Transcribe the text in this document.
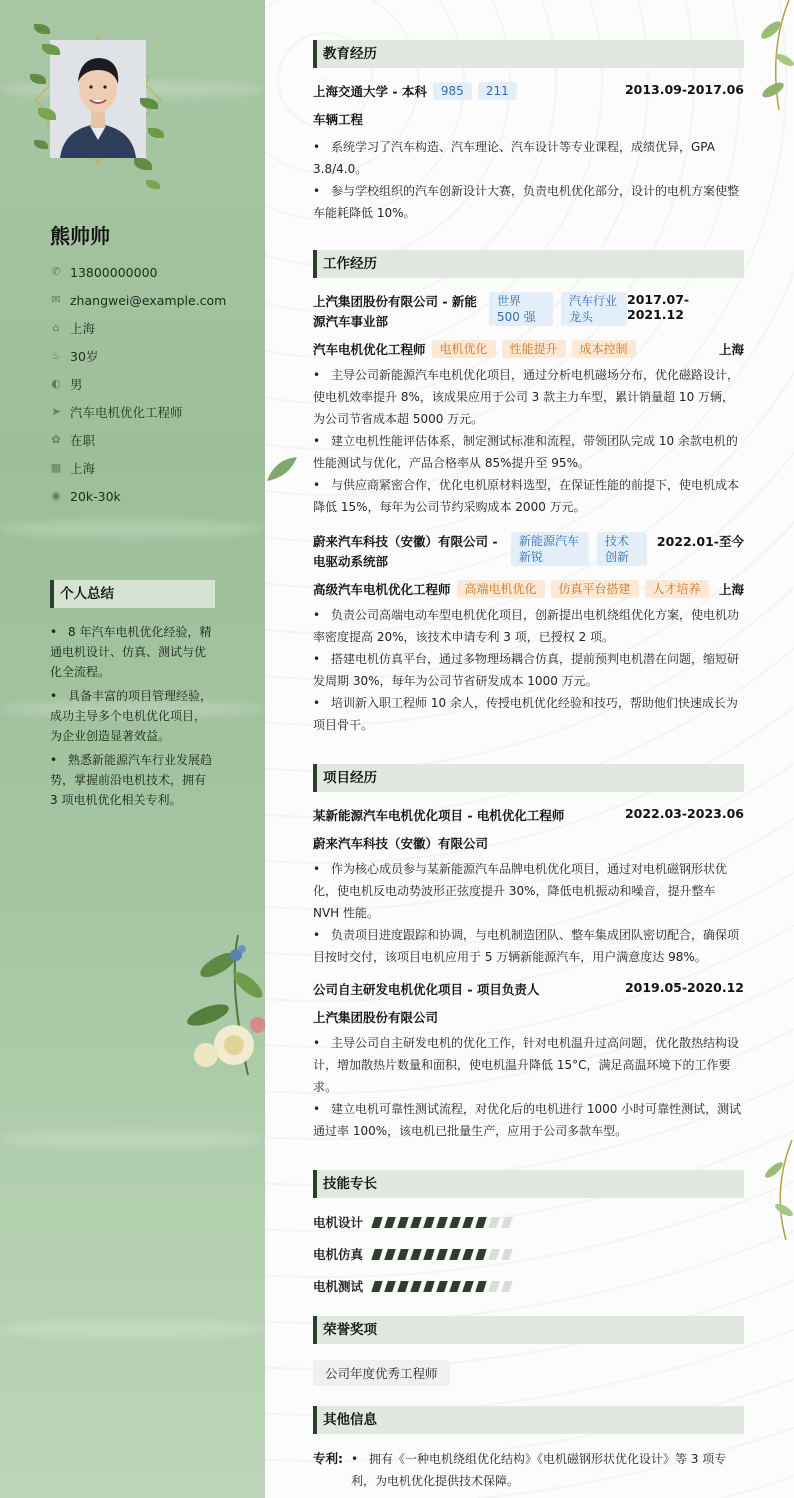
熊帅帅
✆ 13800000000
✉ zhangwei@example.com
⌂ 上海
♨ 30岁
◐ 男
➤ 汽车电机优化工程师
✿ 在职
▦ 上海
◉ 20k-30k
个人总结
• 8 年汽车电机优化经验，精通电机设计、仿真、测试与优化全流程。
• 具备丰富的项目管理经验，成功主导多个电机优化项目，为企业创造显著效益。
• 熟悉新能源汽车行业发展趋势，掌握前沿电机技术，拥有 3 项电机优化相关专利。
教育经历
上海交通大学 - 本科 985 211	2013.09-2017.06
车辆工程
• 系统学习了汽车构造、汽车理论、汽车设计等专业课程，成绩优异，GPA 3.8/4.0。
• 参与学校组织的汽车创新设计大赛，负责电机优化部分，设计的电机方案使整车能耗降低 10%。
工作经历
上汽集团股份有限公司 - 新能源汽车事业部
世界 500 强
汽车行业龙头
2017.07-2021.12
汽车电机优化工程师 电机优化 性能提升 成本控制	上海
• 主导公司新能源汽车电机优化项目，通过分析电机磁场分布，优化磁路设计，使电机效率提升 8%，该成果应用于公司 3 款主力车型，累计销量超 10 万辆，为公司节省成本超 5000 万元。
• 建立电机性能评估体系，制定测试标准和流程，带领团队完成 10 余款电机的性能测试与优化，产品合格率从 85%提升至 95%。
• 与供应商紧密合作，优化电机原材料选型，在保证性能的前提下，使电机成本降低 15%，每年为公司节约采购成本 2000 万元。
蔚来汽车科技（安徽）有限公司 - 电驱动系统部
新能源汽车新锐
技术创新
2022.01-至今
高级汽车电机优化工程师 高端电机优化 仿真平台搭建 人才培养	上海
• 负责公司高端电动车型电机优化项目，创新提出电机绕组优化方案，使电机功率密度提高 20%，该技术申请专利 3 项，已授权 2 项。
• 搭建电机仿真平台，通过多物理场耦合仿真，提前预判电机潜在问题，缩短研发周期 30%，每年为公司节省研发成本 1000 万元。
• 培训新入职工程师 10 余人，传授电机优化经验和技巧，帮助他们快速成长为项目骨干。
项目经历
某新能源汽车电机优化项目 - 电机优化工程师	2022.03-2023.06
蔚来汽车科技（安徽）有限公司
• 作为核心成员参与某新能源汽车品牌电机优化项目，通过对电机磁钢形状优化，使电机反电动势波形正弦度提升 30%，降低电机振动和噪音，提升整车 NVH 性能。
• 负责项目进度跟踪和协调，与电机制造团队、整车集成团队密切配合，确保项目按时交付，该项目电机应用于 5 万辆新能源汽车，用户满意度达 98%。
公司自主研发电机优化项目 - 项目负责人	2019.05-2020.12
上汽集团股份有限公司
• 主导公司自主研发电机的优化工作，针对电机温升过高问题，优化散热结构设计，增加散热片数量和面积，使电机温升降低 15°C，满足高温环境下的工作要求。
• 建立电机可靠性测试流程，对优化后的电机进行 1000 小时可靠性测试，测试通过率 100%，该电机已批量生产，应用于公司多款车型。
技能专长
电机设计
电机仿真
电机测试
荣誉奖项
公司年度优秀工程师
其他信息
专利:
•	拥有《一种电机绕组优化结构》《电机磁钢形状优化设计》等 3 项专利，为电机优化提供技术保障。
